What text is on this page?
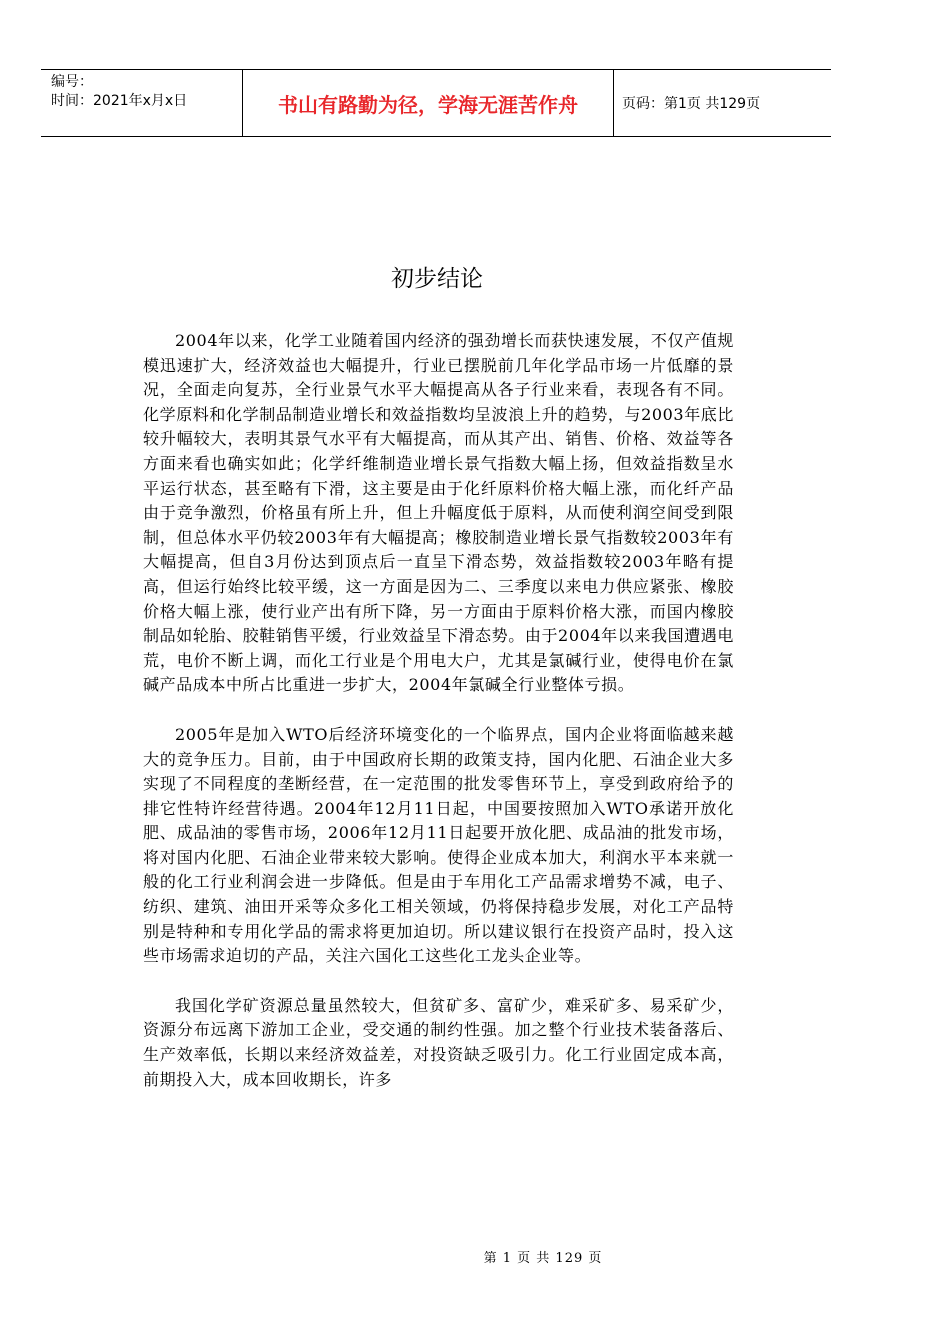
编号：
时间：2021年x月x日	书山有路勤为径，学海无涯苦作舟	页码：第1页 共129页
初步结论

2004年以来，化学工业随着国内经济的强劲增长而获快速发展，不仅产值规模迅速扩大，经济效益也大幅提升，行业已摆脱前几年化学品市场一片低靡的景况，全面走向复苏，全行业景气水平大幅提高从各子行业来看，表现各有不同。化学原料和化学制品制造业增长和效益指数均呈波浪上升的趋势，与2003年底比较升幅较大，表明其景气水平有大幅提高，而从其产出、销售、价格、效益等各方面来看也确实如此；化学纤维制造业增长景气指数大幅上扬，但效益指数呈水平运行状态，甚至略有下滑，这主要是由于化纤原料价格大幅上涨，而化纤产品由于竞争激烈，价格虽有所上升，但上升幅度低于原料，从而使利润空间受到限制，但总体水平仍较2003年有大幅提高；橡胶制造业增长景气指数较2003年有大幅提高，但自3月份达到顶点后一直呈下滑态势，效益指数较2003年略有提高，但运行始终比较平缓，这一方面是因为二、三季度以来电力供应紧张、橡胶价格大幅上涨，使行业产出有所下降，另一方面由于原料价格大涨，而国内橡胶制品如轮胎、胶鞋销售平缓，行业效益呈下滑态势。由于2004年以来我国遭遇电荒，电价不断上调，而化工行业是个用电大户，尤其是氯碱行业，使得电价在氯碱产品成本中所占比重进一步扩大，2004年氯碱全行业整体亏损。

2005年是加入WTO后经济环境变化的一个临界点，国内企业将面临越来越大的竞争压力。目前，由于中国政府长期的政策支持，国内化肥、石油企业大多实现了不同程度的垄断经营，在一定范围的批发零售环节上，享受到政府给予的排它性特许经营待遇。2004年12月11日起，中国要按照加入WTO承诺开放化肥、成品油的零售市场，2006年12月11日起要开放化肥、成品油的批发市场，将对国内化肥、石油企业带来较大影响。使得企业成本加大，利润水平本来就一般的化工行业利润会进一步降低。但是由于车用化工产品需求增势不减，电子、纺织、建筑、油田开采等众多化工相关领域，仍将保持稳步发展，对化工产品特别是特种和专用化学品的需求将更加迫切。所以建议银行在投资产品时，投入这些市场需求迫切的产品，关注六国化工这些化工龙头企业等。

我国化学矿资源总量虽然较大，但贫矿多、富矿少，难采矿多、易采矿少，资源分布远离下游加工企业，受交通的制约性强。加之整个行业技术装备落后、生产效率低，长期以来经济效益差，对投资缺乏吸引力。化工行业固定成本高，前期投入大，成本回收期长，许多

第 1 页 共 129 页
